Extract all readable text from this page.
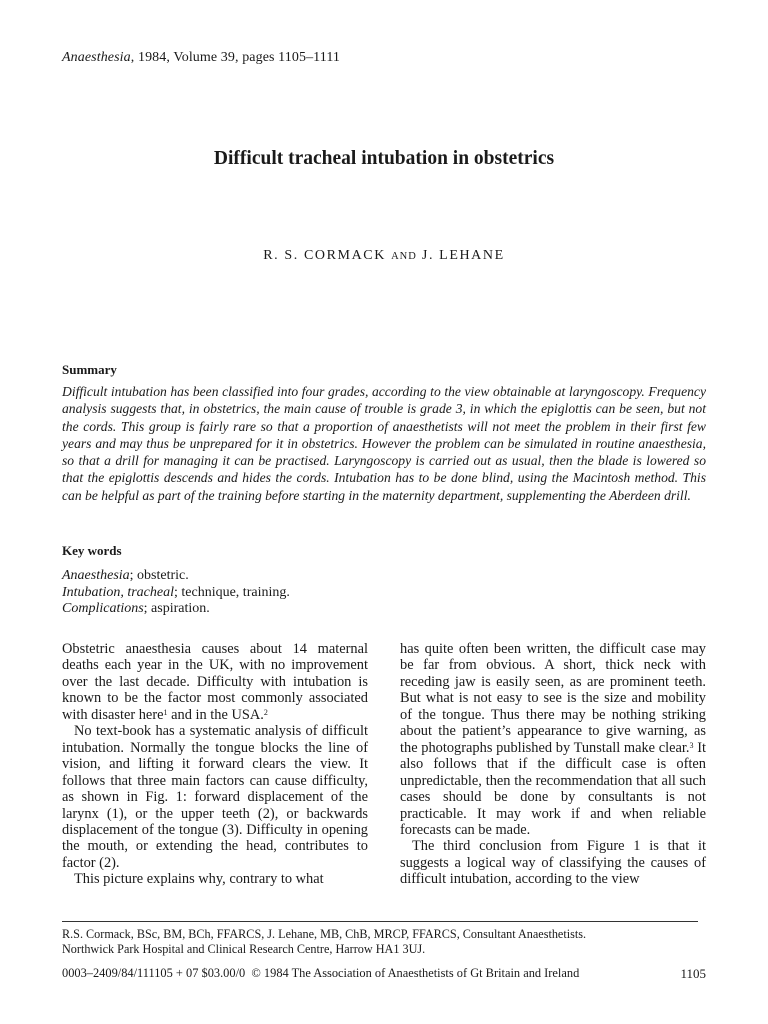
Anaesthesia, 1984, Volume 39, pages 1105–1111
Difficult tracheal intubation in obstetrics
R. S. CORMACK AND J. LEHANE
Summary

Difficult intubation has been classified into four grades, according to the view obtainable at laryngoscopy. Frequency analysis suggests that, in obstetrics, the main cause of trouble is grade 3, in which the epiglottis can be seen, but not the cords. This group is fairly rare so that a proportion of anaesthetists will not meet the problem in their first few years and may thus be unprepared for it in obstetrics. However the problem can be simulated in routine anaesthesia, so that a drill for managing it can be practised. Laryngoscopy is carried out as usual, then the blade is lowered so that the epiglottis descends and hides the cords. Intubation has to be done blind, using the Macintosh method. This can be helpful as part of the training before starting in the maternity department, supplementing the Aberdeen drill.

Key words
Anaesthesia; obstetric.
Intubation, tracheal; technique, training.
Complications; aspiration.

Obstetric anaesthesia causes about 14 maternal deaths each year in the UK, with no improvement over the last decade. Difficulty with intubation is known to be the factor most commonly associated with disaster here$^1$ and in the USA.$^2$

No text-book has a systematic analysis of difficult intubation. Normally the tongue blocks the line of vision, and lifting it forward clears the view. It follows that three main factors can cause difficulty, as shown in Fig. 1: forward displacement of the larynx (1), or the upper teeth (2), or backwards displacement of the tongue (3). Difficulty in opening the mouth, or extending the head, contributes to factor (2).

This picture explains why, contrary to what

has quite often been written, the difficult case may be far from obvious. A short, thick neck with receding jaw is easily seen, as are prominent teeth. But what is not easy to see is the size and mobility of the tongue. Thus there may be nothing striking about the patient’s appearance to give warning, as the photographs published by Tunstall make clear.$^3$ It also follows that if the difficult case is often unpredictable, then the recommendation that all such cases should be done by consultants is not practicable. It may work if and when reliable forecasts can be made.

The third conclusion from Figure 1 is that it suggests a logical way of classifying the causes of difficult intubation, according to the view

R.S. Cormack, BSc, BM, BCh, FFARCS, J. Lehane, MB, ChB, MRCP, FFARCS, Consultant Anaesthetists.
Northwick Park Hospital and Clinical Research Centre, Harrow HA1 3UJ.
0003–2409/84/111105 + 07 $03.00/0 © 1984 The Association of Anaesthetists of Gt Britain and Ireland	1105
